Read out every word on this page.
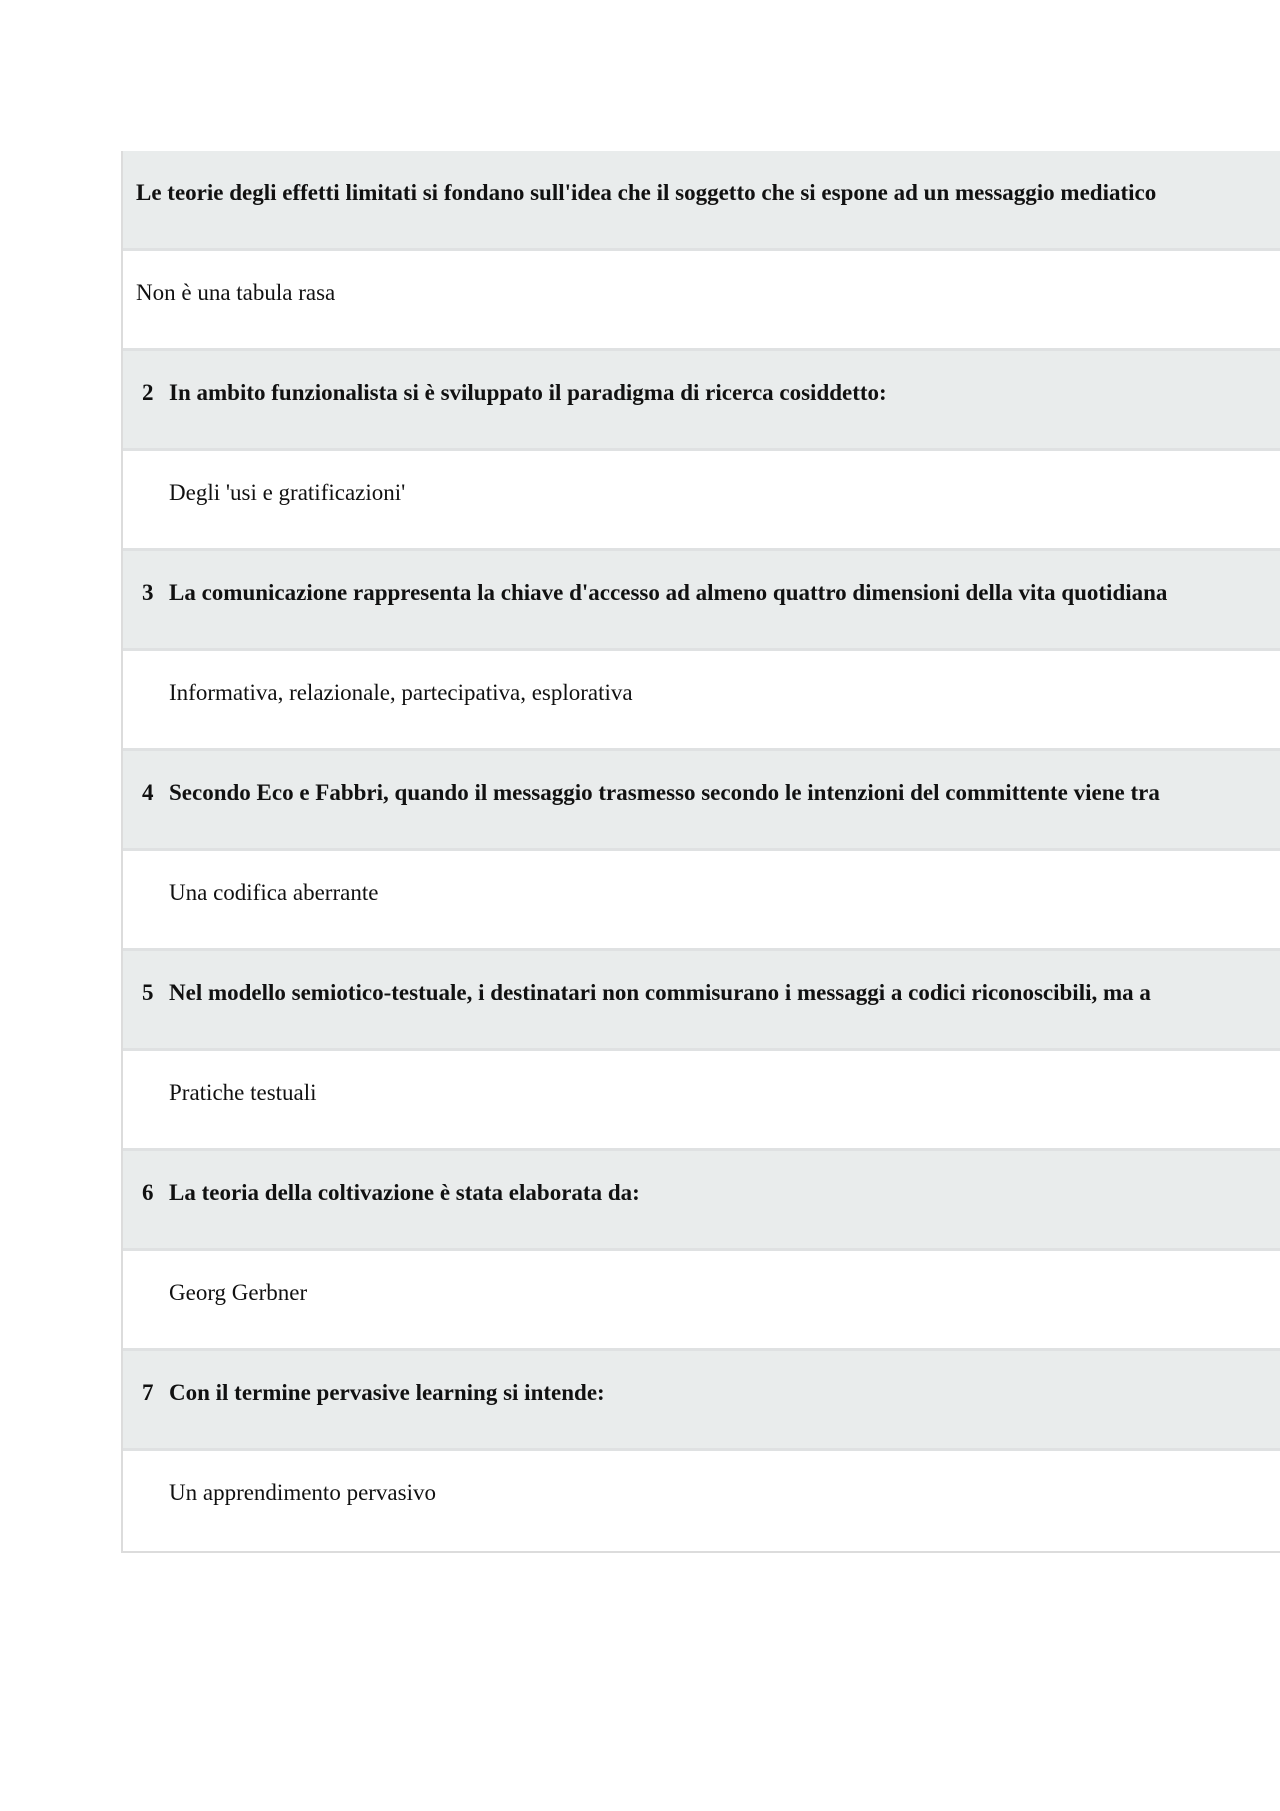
Le teorie degli effetti limitati si fondano sull'idea che il soggetto che si espone ad un messaggio mediatico
Non è una tabula rasa
2 In ambito funzionalista si è sviluppato il paradigma di ricerca cosiddetto:
Degli 'usi e gratificazioni'
3 La comunicazione rappresenta la chiave d'accesso ad almeno quattro dimensioni della vita quotidiana
Informativa, relazionale, partecipativa, esplorativa
4 Secondo Eco e Fabbri, quando il messaggio trasmesso secondo le intenzioni del committente viene tra
Una codifica aberrante
5 Nel modello semiotico-testuale, i destinatari non commisurano i messaggi a codici riconoscibili, ma a
Pratiche testuali
6 La teoria della coltivazione è stata elaborata da:
Georg Gerbner
7 Con il termine pervasive learning si intende:
Un apprendimento pervasivo
